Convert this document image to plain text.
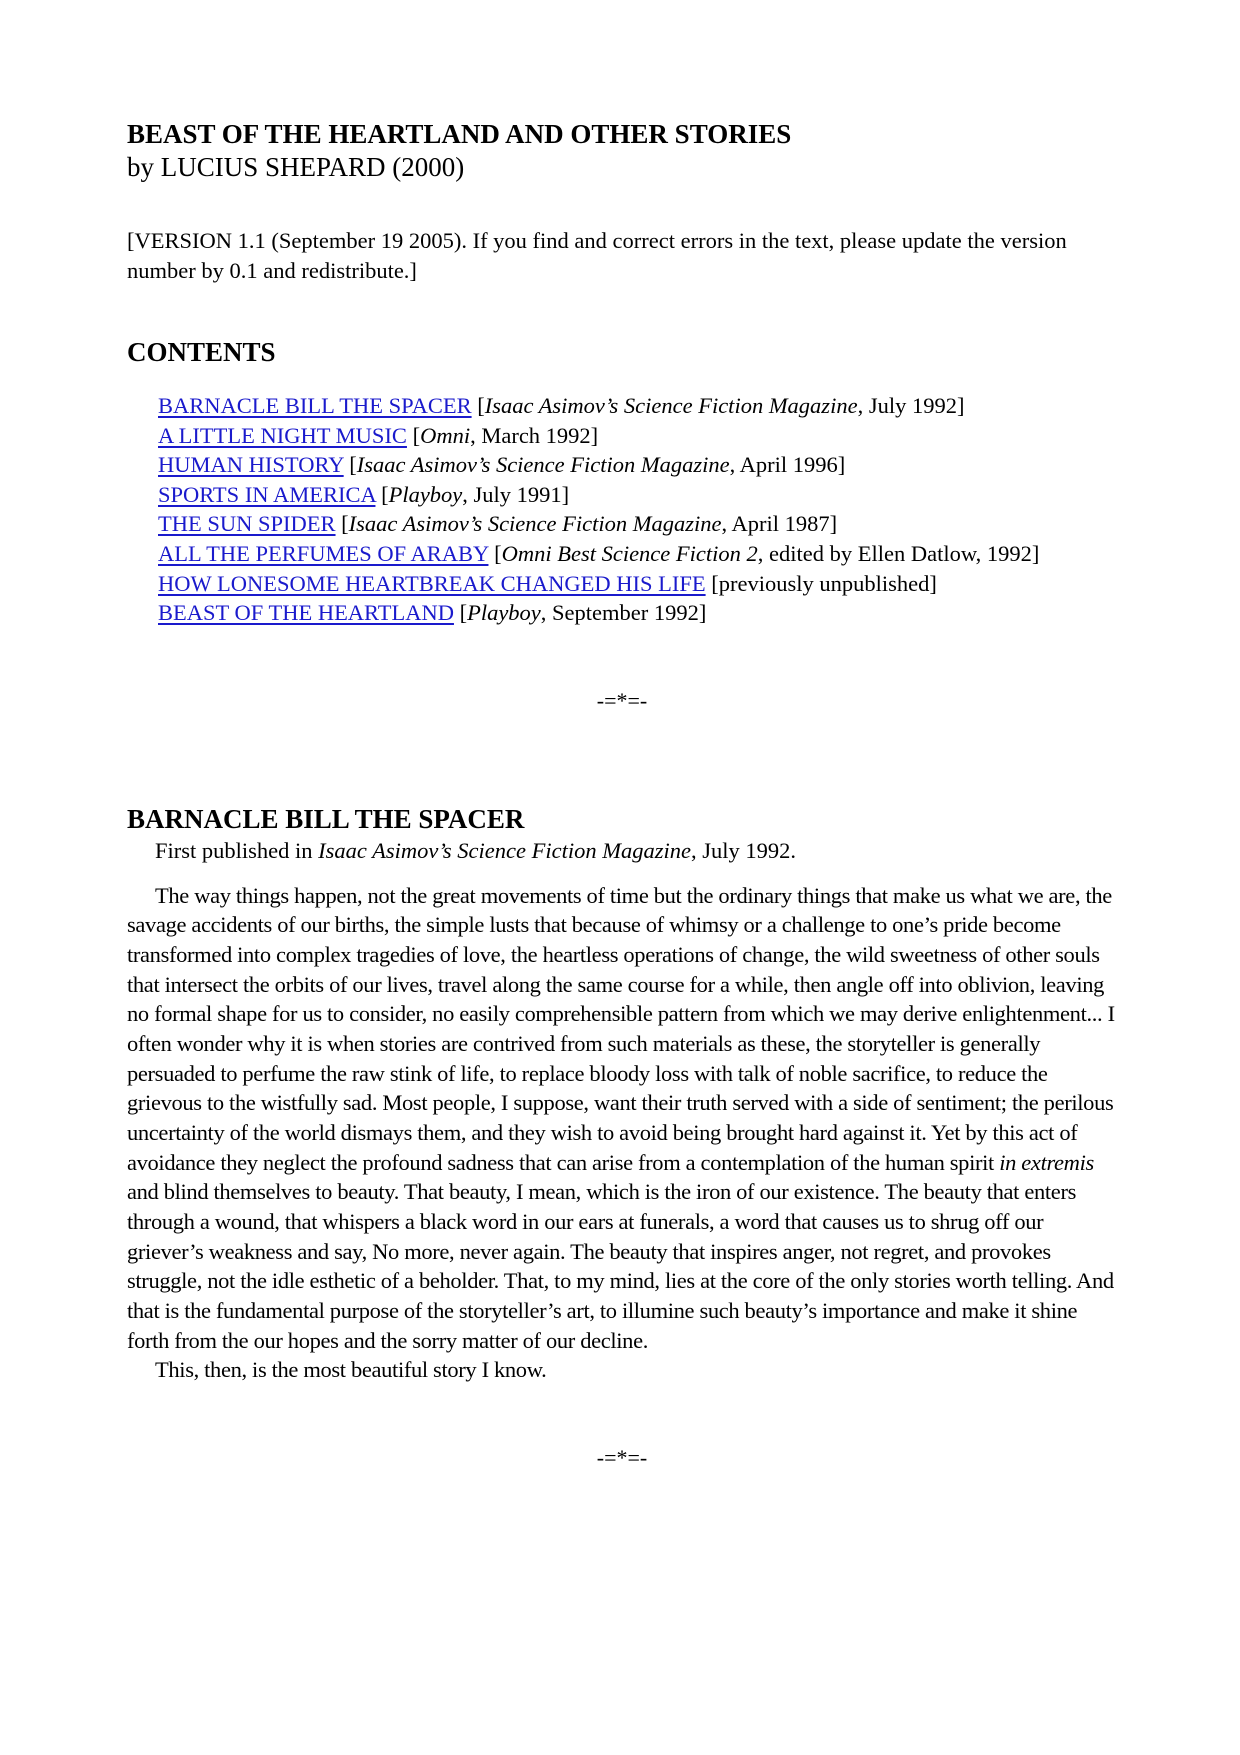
BEAST OF THE HEARTLAND AND OTHER STORIES

by LUCIUS SHEPARD (2000)

[VERSION 1.1 (September 19 2005). If you find and correct errors in the text, please update the version number by 0.1 and redistribute.]

CONTENTS
BARNACLE BILL THE SPACER [Isaac Asimov’s Science Fiction Magazine, July 1992]
A LITTLE NIGHT MUSIC [Omni, March 1992]
HUMAN HISTORY [Isaac Asimov’s Science Fiction Magazine, April 1996]
SPORTS IN AMERICA [Playboy, July 1991]
THE SUN SPIDER [Isaac Asimov’s Science Fiction Magazine, April 1987]
ALL THE PERFUMES OF ARABY [Omni Best Science Fiction 2, edited by Ellen Datlow, 1992]
HOW LONESOME HEARTBREAK CHANGED HIS LIFE [previously unpublished]
BEAST OF THE HEARTLAND [Playboy, September 1992]

-=*=-

BARNACLE BILL THE SPACER

First published in Isaac Asimov’s Science Fiction Magazine, July 1992.

The way things happen, not the great movements of time but the ordinary things that make us what we are, the savage accidents of our births, the simple lusts that because of whimsy or a challenge to one’s pride become transformed into complex tragedies of love, the heartless operations of change, the wild sweetness of other souls that intersect the orbits of our lives, travel along the same course for a while, then angle off into oblivion, leaving no formal shape for us to consider, no easily comprehensible pattern from which we may derive enlightenment... I often wonder why it is when stories are contrived from such materials as these, the storyteller is generally persuaded to perfume the raw stink of life, to replace bloody loss with talk of noble sacrifice, to reduce the grievous to the wistfully sad. Most people, I suppose, want their truth served with a side of sentiment; the perilous uncertainty of the world dismays them, and they wish to avoid being brought hard against it. Yet by this act of avoidance they neglect the profound sadness that can arise from a contemplation of the human spirit in extremis and blind themselves to beauty. That beauty, I mean, which is the iron of our existence. The beauty that enters through a wound, that whispers a black word in our ears at funerals, a word that causes us to shrug off our griever’s weakness and say, No more, never again. The beauty that inspires anger, not regret, and provokes struggle, not the idle esthetic of a beholder. That, to my mind, lies at the core of the only stories worth telling. And that is the fundamental purpose of the storyteller’s art, to illumine such beauty’s importance and make it shine forth from the our hopes and the sorry matter of our decline.

This, then, is the most beautiful story I know.

-=*=-
